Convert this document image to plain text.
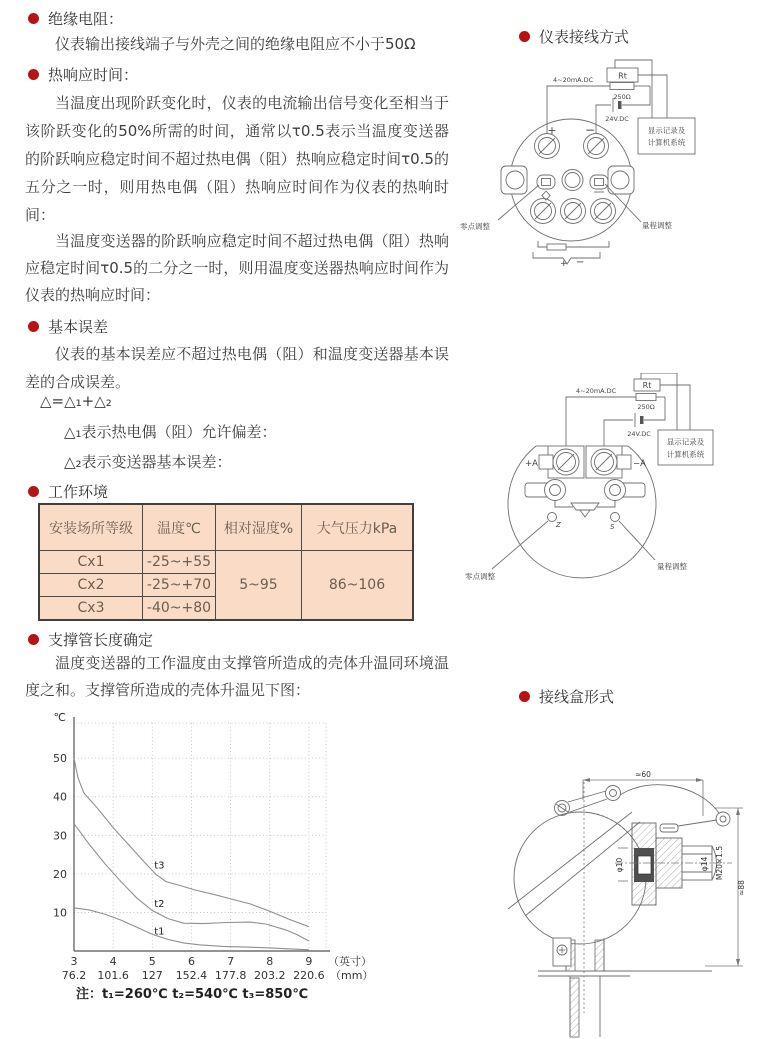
绝缘电阻：
仪表输出接线端子与外壳之间的绝缘电阻应不小于50Ω
热响应时间：
当温度出现阶跃变化时，仪表的电流输出信号变化至相当于该阶跃变化的50%所需的时间，通常以τ0.5表示当温度变送器的阶跃响应稳定时间不超过热电偶（阻）热响应稳定时间τ0.5的五分之一时，则用热电偶（阻）热响应时间作为仪表的热响时间：
当温度变送器的阶跃响应稳定时间不超过热电偶（阻）热响应稳定时间τ0.5的二分之一时，则用温度变送器热响应时间作为仪表的热响应时间：
基本误差
仪表的基本误差应不超过热电偶（阻）和温度变送器基本误差的合成误差。
△=△₁+△₂
△₁表示热电偶（阻）允许偏差：
△₂表示变送器基本误差：
工作环境
安装场所等级	温度℃	相对湿度%	大气压力kPa
Cx1	-25~+55	5~95	86~106
Cx2	-25~+70		
Cx3	-40~+80		
支撑管长度确定
温度变送器的工作温度由支撑管所造成的壳体升温同环境温度之和。支撑管所造成的壳体升温见下图：
10
20
30
40
50
3
76.2
4
101.6
5
127
6
152.4
7
177.8
8
203.2
9
220.6
℃
（英寸）
（mm）
t1
t2
t3
注：t₁=260℃ t₂=540℃ t₃=850℃
仪表接线方式
4~20mA.DC	Rt
250Ω
24V.DC
显示记录及
计算机系统
+ −
零点调整	量程调整
+ −
4~20mA.DC
Rt
250Ω
24V.DC
显示记录及
计算机系统
+A	−A
Z	S
零点调整
量程调整
接线盒形式
≈60
φ10	φ14 M20×1.5
≈88
